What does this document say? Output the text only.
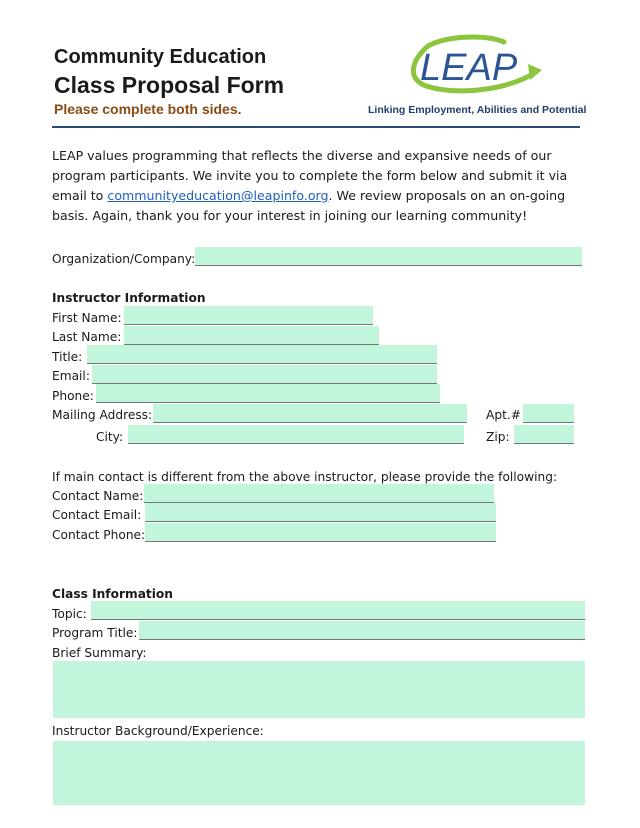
Community Education
Class Proposal Form
Please complete both sides.
LEAP
Linking Employment, Abilities and Potential
LEAP values programming that reflects the diverse and expansive needs of our program participants. We invite you to complete the form below and submit it via email to communityeducation@leapinfo.org. We review proposals on an on-going basis. Again, thank you for your interest in joining our learning community!
Organization/Company:
Instructor Information
First Name:
Last Name:
Title:
Email:
Phone:
Mailing Address:	Apt.#
City:	Zip:
If main contact is different from the above instructor, please provide the following:
Contact Name:
Contact Email:
Contact Phone:
Class Information
Topic:
Program Title:
Brief Summary:
Instructor Background/Experience:
